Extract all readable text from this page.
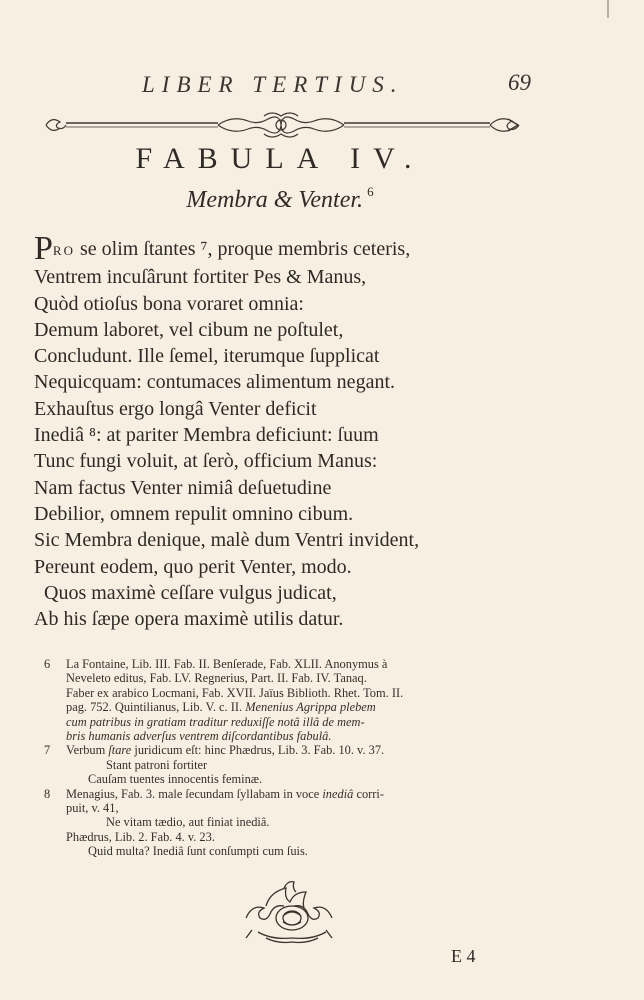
LIBER TERTIUS.	69
FABULA IV.
Membra & Venter. $^6$
PRO se olim ſtantes ⁷, proque membris ceteris,
Ventrem incuſârunt fortiter Pes & Manus,
Quòd otioſus bona voraret omnia:
Demum laboret, vel cibum ne poſtulet,
Concludunt. Ille ſemel, iterumque ſupplicat
Nequicquam: contumaces alimentum negant.
Exhauſtus ergo longâ Venter deficit
Inediâ ⁸: at pariter Membra deficiunt: ſuum
Tunc fungi voluit, at ſerò, officium Manus:
Nam factus Venter nimiâ deſuetudine
Debilior, omnem repulit omnino cibum.
Sic Membra denique, malè dum Ventri invident,
Pereunt eodem, quo perit Venter, modo.
Quos maximè ceſſare vulgus judicat,
Ab his ſæpe opera maximè utilis datur.
6 La Fontaine, Lib. III. Fab. II. Benſerade, Fab. XLII. Anonymus à
Neveleto editus, Fab. LV. Regnerius, Part. II. Fab. IV. Tanaq.
Faber ex arabico Locmani, Fab. XVII. Jaïus Biblioth. Rhet. Tom. II.
pag. 752. Quintilianus, Lib. V. c. II. Menenius Agrippa plebem
cum patribus in gratiam traditur reduxiſſe notâ illâ de mem-
bris humanis adverſus ventrem diſcordantibus fabulâ.
7 Verbum ſtare juridicum eſt: hinc Phædrus, Lib. 3. Fab. 10. v. 37.
Stant patroni fortiter
Cauſam tuentes innocentis feminæ.
8 Menagius, Fab. 3. male ſecundam ſyllabam in voce inediâ corri-
puit, v. 41,
Ne vitam tædio, aut finiat inediâ.
Phædrus, Lib. 2. Fab. 4. v. 23.
Quid multa? Inediâ ſunt conſumpti cum ſuis.
E 4
